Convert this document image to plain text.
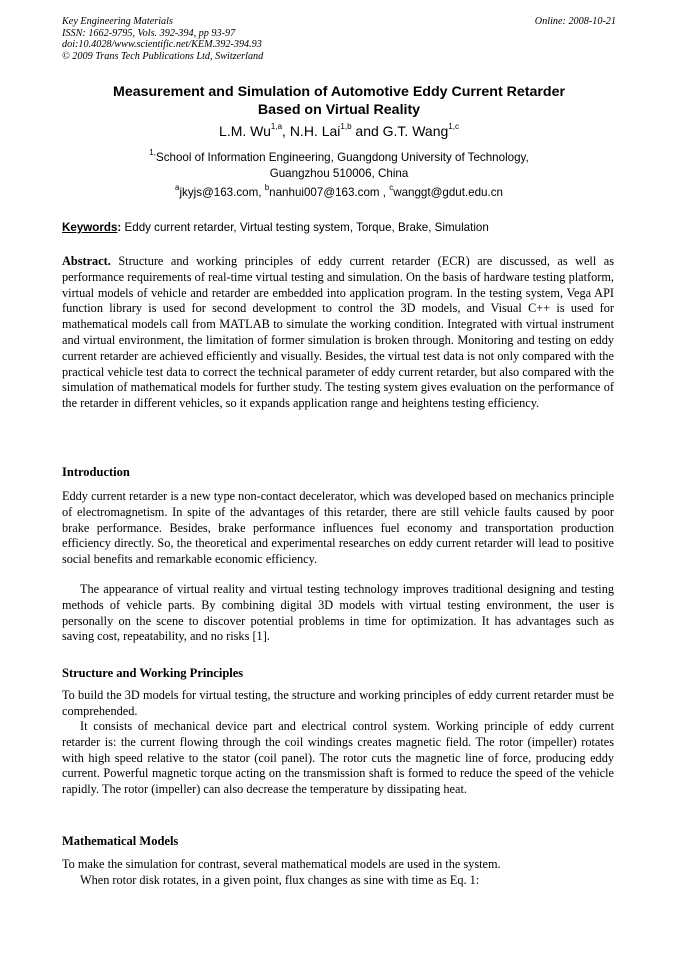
Key Engineering Materials
ISSN: 1662-9795, Vols. 392-394, pp 93-97
doi:10.4028/www.scientific.net/KEM.392-394.93
© 2009 Trans Tech Publications Ltd, Switzerland
Online: 2008-10-21
Measurement and Simulation of Automotive Eddy Current Retarder
Based on Virtual Reality
L.M. Wu$^{1,a}$, N.H. Lai$^{1,b}$ and G.T. Wang$^{1,c}$
$^{1,}$School of Information Engineering, Guangdong University of Technology,
Guangzhou 510006, China
$^a$jkyjs@163.com, $^b$nanhui007@163.com , $^c$wanggt@gdut.edu.cn
Keywords: Eddy current retarder, Virtual testing system, Torque, Brake, Simulation
Abstract. Structure and working principles of eddy current retarder (ECR) are discussed, as well as performance requirements of real-time virtual testing and simulation. On the basis of hardware testing platform, virtual models of vehicle and retarder are embedded into application program. In the testing system, Vega API function library is used for second development to control the 3D models, and Visual C++ is used for mathematical models call from MATLAB to simulate the working condition. Integrated with virtual instrument and virtual environment, the limitation of former simulation is broken through. Monitoring and testing on eddy current retarder are achieved efficiently and visually. Besides, the virtual test data is not only compared with the practical vehicle test data to correct the technical parameter of eddy current retarder, but also compared with the simulation of mathematical models for further study. The testing system gives evaluation on the performance of the retarder in different vehicles, so it expands application range and heightens testing efficiency.
Introduction
Eddy current retarder is a new type non-contact decelerator, which was developed based on mechanics principle of electromagnetism. In spite of the advantages of this retarder, there are still vehicle faults caused by poor brake performance. Besides, brake performance influences fuel economy and transportation production efficiency directly. So, the theoretical and experimental researches on eddy current retarder will lead to positive social benefits and remarkable economic efficiency.
The appearance of virtual reality and virtual testing technology improves traditional designing and testing methods of vehicle parts. By combining digital 3D models with virtual testing environment, the user is personally on the scene to discover potential problems in time for optimization. It has advantages such as saving cost, repeatability, and no risks [1].
Structure and Working Principles
To build the 3D models for virtual testing, the structure and working principles of eddy current retarder must be comprehended.
It consists of mechanical device part and electrical control system. Working principle of eddy current retarder is: the current flowing through the coil windings creates magnetic field. The rotor (impeller) rotates with high speed relative to the stator (coil panel). The rotor cuts the magnetic line of force, producing eddy current. Powerful magnetic torque acting on the transmission shaft is formed to reduce the speed of the vehicle rapidly. The rotor (impeller) can also decrease the temperature by dissipating heat.
Mathematical Models
To make the simulation for contrast, several mathematical models are used in the system.
When rotor disk rotates, in a given point, flux changes as sine with time as Eq. 1:
